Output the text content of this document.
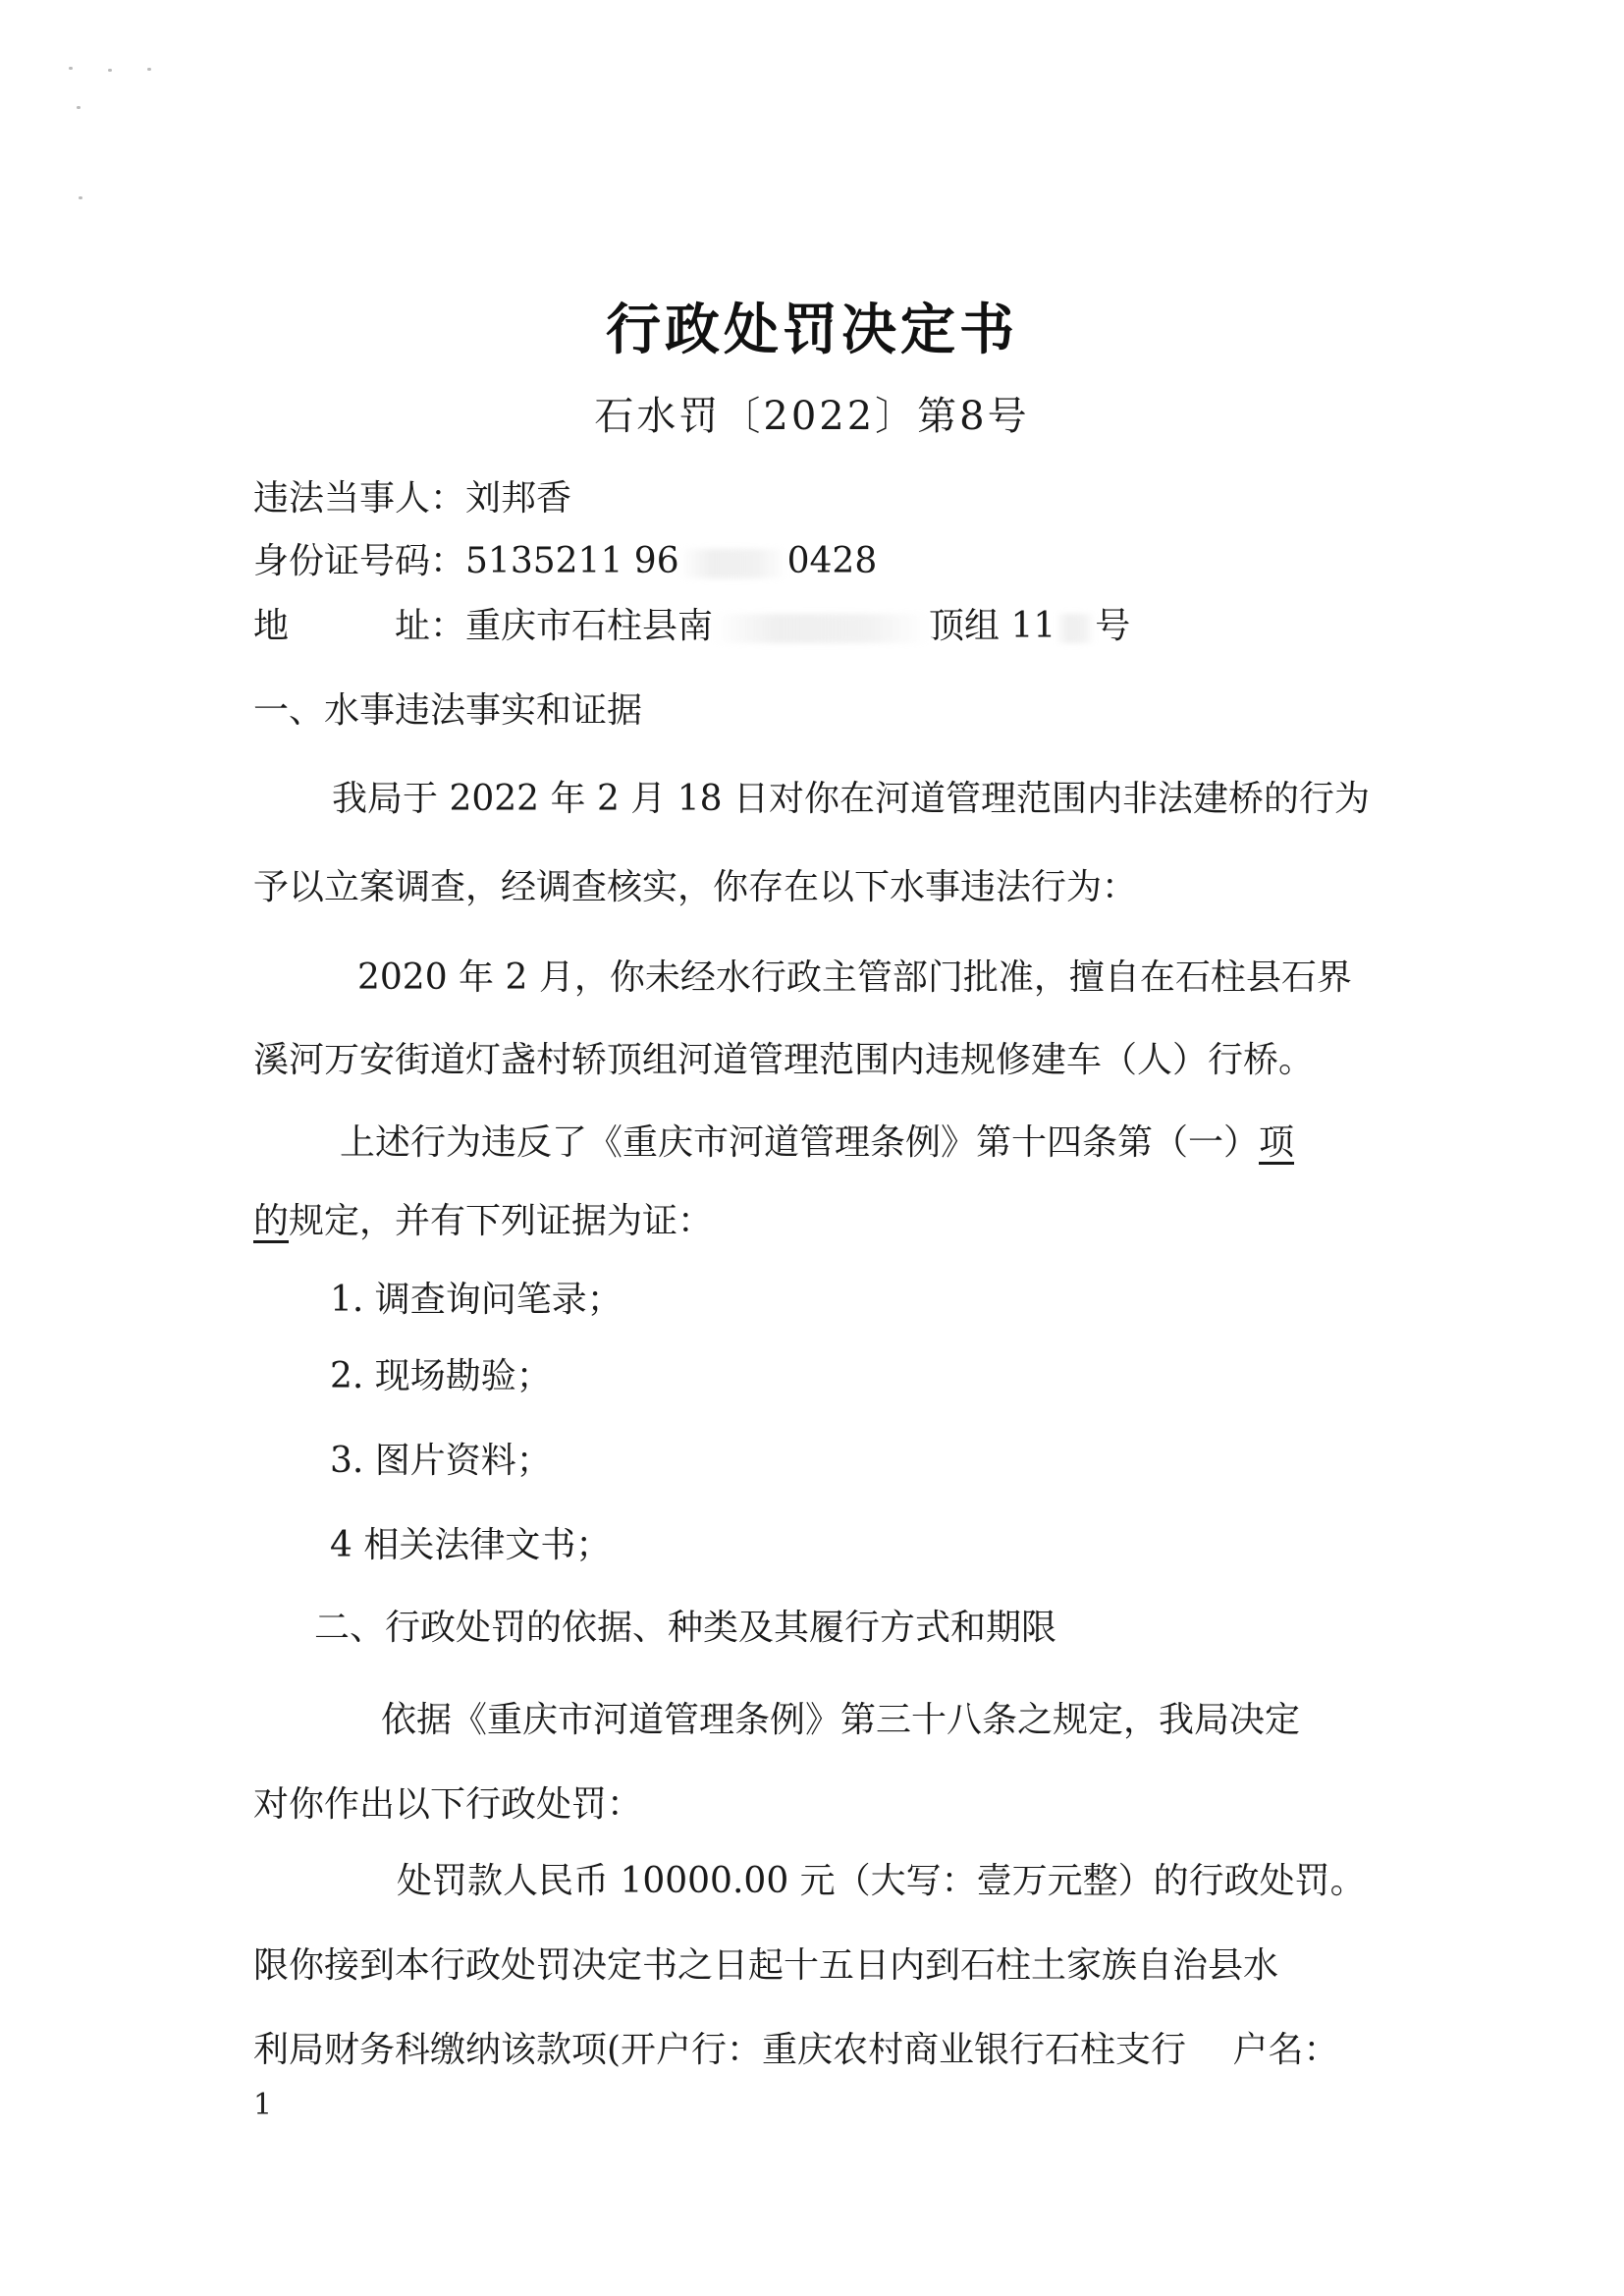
行政处罚决定书
石水罚〔2022〕第8号
违法当事人：刘邦香
身份证号码：5135211 96	0428
地　　　址：重庆市石柱县南	顶组 11 号
一、水事违法事实和证据
我局于 2022 年 2 月 18 日对你在河道管理范围内非法建桥的行为
予以立案调查，经调查核实，你存在以下水事违法行为：
2020 年 2 月，你未经水行政主管部门批准，擅自在石柱县石界
溪河万安街道灯盏村轿顶组河道管理范围内违规修建车（人）行桥。
上述行为违反了《重庆市河道管理条例》第十四条第（一）项
的规定，并有下列证据为证：
1. 调查询问笔录；
2. 现场勘验；
3. 图片资料；
4 相关法律文书；
二、行政处罚的依据、种类及其履行方式和期限
依据《重庆市河道管理条例》第三十八条之规定，我局决定
对你作出以下行政处罚：
处罚款人民币 10000.00 元（大写：壹万元整）的行政处罚。
限你接到本行政处罚决定书之日起十五日内到石柱土家族自治县水
利局财务科缴纳该款项(开户行：重庆农村商业银行石柱支行　 户名：
1
